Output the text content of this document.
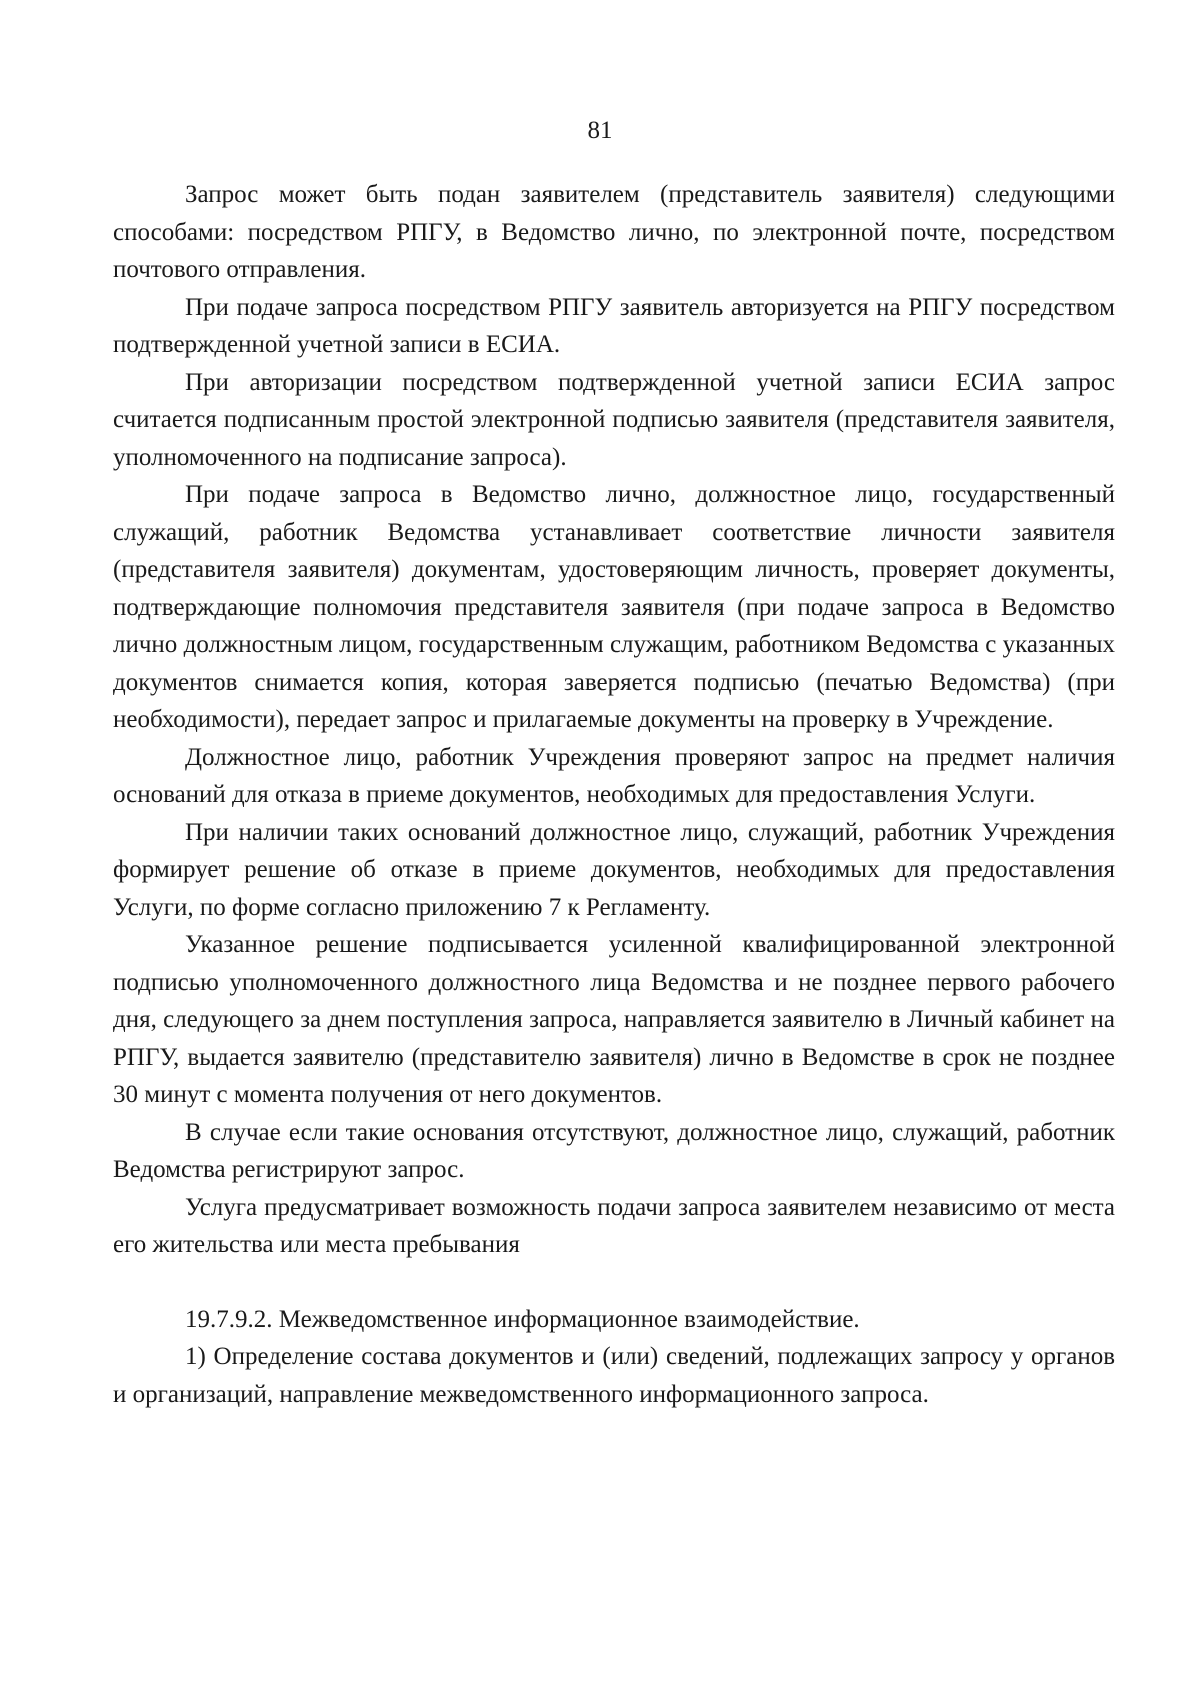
81

Запрос может быть подан заявителем (представитель заявителя) следующими способами: посредством РПГУ, в Ведомство лично, по электронной почте, посредством почтового отправления.

При подаче запроса посредством РПГУ заявитель авторизуется на РПГУ посредством подтвержденной учетной записи в ЕСИА.

При авторизации посредством подтвержденной учетной записи ЕСИА запрос считается подписанным простой электронной подписью заявителя (представителя заявителя, уполномоченного на подписание запроса).

При подаче запроса в Ведомство лично, должностное лицо, государственный служащий, работник Ведомства устанавливает соответствие личности заявителя (представителя заявителя) документам, удостоверяющим личность, проверяет документы, подтверждающие полномочия представителя заявителя (при подаче запроса в Ведомство лично должностным лицом, государственным служащим, работником Ведомства с указанных документов снимается копия, которая заверяется подписью (печатью Ведомства) (при необходимости), передает запрос и прилагаемые документы на проверку в Учреждение.

Должностное лицо, работник Учреждения проверяют запрос на предмет наличия оснований для отказа в приеме документов, необходимых для предоставления Услуги.

При наличии таких оснований должностное лицо, служащий, работник Учреждения формирует решение об отказе в приеме документов, необходимых для предоставления Услуги, по форме согласно приложению 7 к Регламенту.

Указанное решение подписывается усиленной квалифицированной электронной подписью уполномоченного должностного лица Ведомства и не позднее первого рабочего дня, следующего за днем поступления запроса, направляется заявителю в Личный кабинет на РПГУ, выдается заявителю (представителю заявителя) лично в Ведомстве в срок не позднее 30 минут с момента получения от него документов.

В случае если такие основания отсутствуют, должностное лицо, служащий, работник Ведомства регистрируют запрос.

Услуга предусматривает возможность подачи запроса заявителем независимо от места его жительства или места пребывания

19.7.9.2. Межведомственное информационное взаимодействие.

1) Определение состава документов и (или) сведений, подлежащих запросу у органов и организаций, направление межведомственного информационного запроса.
